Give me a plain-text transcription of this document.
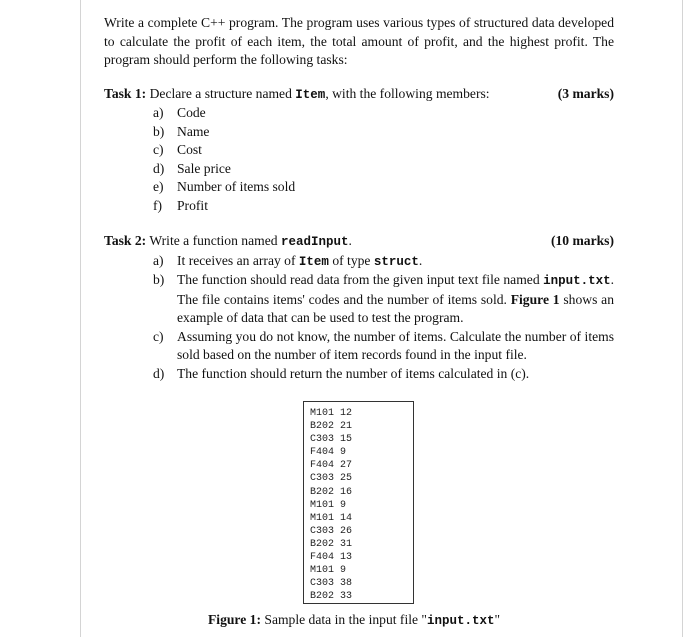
Write a complete C++ program. The program uses various types of structured data developed to calculate the profit of each item, the total amount of profit, and the highest profit. The program should perform the following tasks:

Task 1: Declare a structure named Item, with the following members:	(3 marks)
a) Code
b) Name
c) Cost
d) Sale price
e) Number of items sold
f)	Profit
Task 2: Write a function named readInput.	(10 marks)
a) It receives an array of Item of type struct.
b) The function should read data from the given input text file named input.txt. The file contains items' codes and the number of items sold. Figure 1 shows an example of data that can be used to test the program.
c) Assuming you do not know, the number of items. Calculate the number of items sold based on the number of item records found in the input file.
d) The function should return the number of items calculated in (c).
M101 12
B202 21
C303 15
F404 9
F404 27
C303 25
B202 16
M101 9
M101 14
C303 26
B202 31
F404 13
M101 9
C303 38
B202 33
Figure 1: Sample data in the input file "input.txt"
